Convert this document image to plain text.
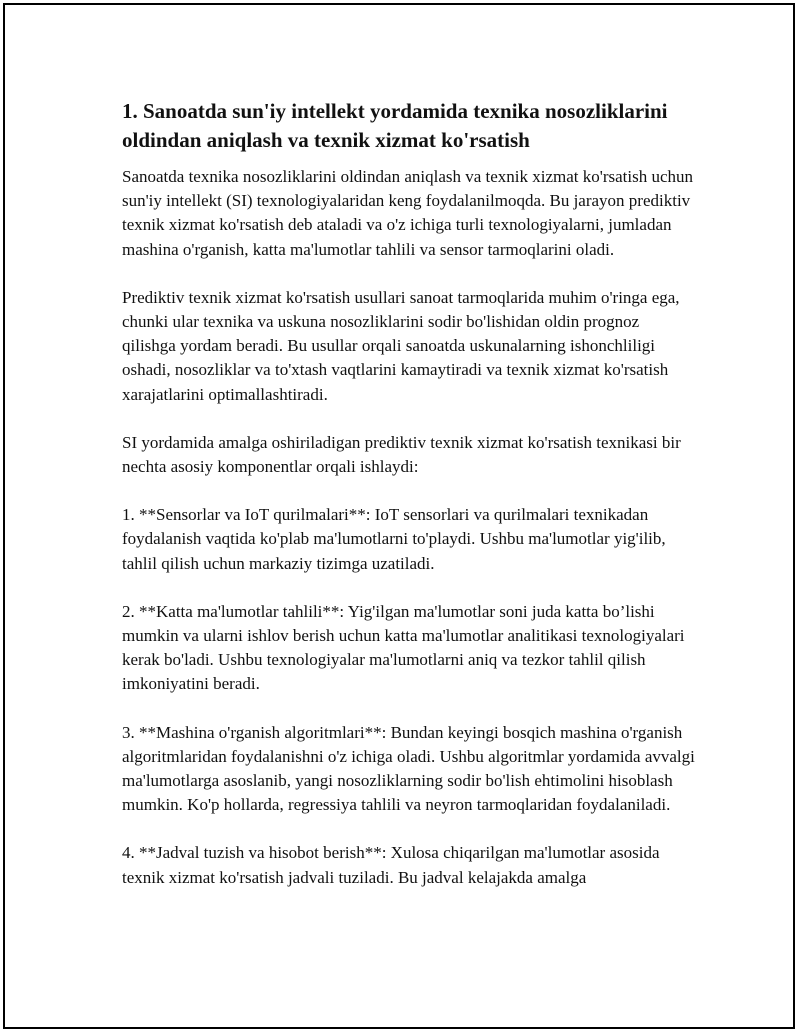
1. Sanoatda sun'iy intellekt yordamida texnika nosozliklarini oldindan aniqlash va texnik xizmat ko'rsatish

Sanoatda texnika nosozliklarini oldindan aniqlash va texnik xizmat ko'rsatish uchun sun'iy intellekt (SI) texnologiyalaridan keng foydalanilmoqda. Bu jarayon prediktiv texnik xizmat ko'rsatish deb ataladi va o'z ichiga turli texnologiyalarni, jumladan mashina o'rganish, katta ma'lumotlar tahlili va sensor tarmoqlarini oladi.

Prediktiv texnik xizmat ko'rsatish usullari sanoat tarmoqlarida muhim o'ringa ega, chunki ular texnika va uskuna nosozliklarini sodir bo'lishidan oldin prognoz qilishga yordam beradi. Bu usullar orqali sanoatda uskunalarning ishonchliligi oshadi, nosozliklar va to'xtash vaqtlarini kamaytiradi va texnik xizmat ko'rsatish xarajatlarini optimallashtiradi.

SI yordamida amalga oshiriladigan prediktiv texnik xizmat ko'rsatish texnikasi bir nechta asosiy komponentlar orqali ishlaydi:

1. **Sensorlar va IoT qurilmalari**: IoT sensorlari va qurilmalari texnikadan foydalanish vaqtida ko'plab ma'lumotlarni to'playdi. Ushbu ma'lumotlar yig'ilib, tahlil qilish uchun markaziy tizimga uzatiladi.

2. **Katta ma'lumotlar tahlili**: Yig'ilgan ma'lumotlar soni juda katta bo’lishi mumkin va ularni ishlov berish uchun katta ma'lumotlar analitikasi texnologiyalari kerak bo'ladi. Ushbu texnologiyalar ma'lumotlarni aniq va tezkor tahlil qilish imkoniyatini beradi.

3. **Mashina o'rganish algoritmlari**: Bundan keyingi bosqich mashina o'rganish algoritmlaridan foydalanishni o'z ichiga oladi. Ushbu algoritmlar yordamida avvalgi ma'lumotlarga asoslanib, yangi nosozliklarning sodir bo'lish ehtimolini hisoblash mumkin. Ko'p hollarda, regressiya tahlili va neyron tarmoqlaridan foydalaniladi.

4. **Jadval tuzish va hisobot berish**: Xulosa chiqarilgan ma'lumotlar asosida texnik xizmat ko'rsatish jadvali tuziladi. Bu jadval kelajakda amalga
